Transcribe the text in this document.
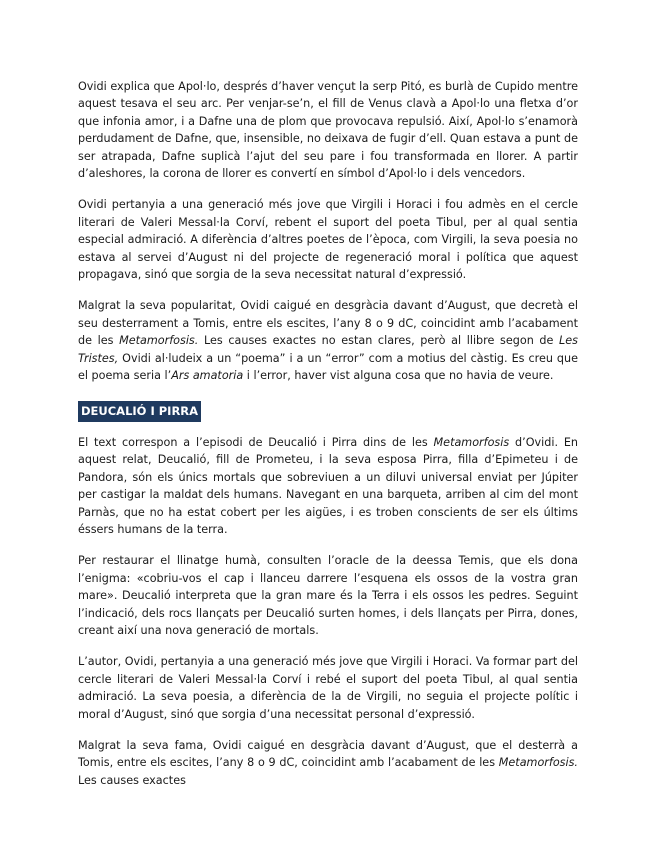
Ovidi explica que Apol·lo, després d’haver vençut la serp Pitó, es burlà de Cupido mentre aquest tesava el seu arc. Per venjar-se’n, el fill de Venus clavà a Apol·lo una fletxa d’or que infonia amor, i a Dafne una de plom que provocava repulsió. Així, Apol·lo s’enamorà perdudament de Dafne, que, insensible, no deixava de fugir d’ell. Quan estava a punt de ser atrapada, Dafne suplicà l’ajut del seu pare i fou transformada en llorer. A partir d’aleshores, la corona de llorer es convertí en símbol d’Apol·lo i dels vencedors.

Ovidi pertanyia a una generació més jove que Virgili i Horaci i fou admès en el cercle literari de Valeri Messal·la Corví, rebent el suport del poeta Tibul, per al qual sentia especial admiració. A diferència d’altres poetes de l’època, com Virgili, la seva poesia no estava al servei d’August ni del projecte de regeneració moral i política que aquest propagava, sinó que sorgia de la seva necessitat natural d’expressió.

Malgrat la seva popularitat, Ovidi caigué en desgràcia davant d’August, que decretà el seu desterrament a Tomis, entre els escites, l’any 8 o 9 dC, coincidint amb l’acabament de les Metamorfosis. Les causes exactes no estan clares, però al llibre segon de Les Tristes, Ovidi al·ludeix a un “poema” i a un “error” com a motius del càstig. Es creu que el poema seria l’Ars amatoria i l’error, haver vist alguna cosa que no havia de veure.

DEUCALIÓ I PIRRA

El text correspon a l’episodi de Deucalió i Pirra dins de les Metamorfosis d’Ovidi. En aquest relat, Deucalió, fill de Prometeu, i la seva esposa Pirra, filla d’Epimeteu i de Pandora, són els únics mortals que sobreviuen a un diluvi universal enviat per Júpiter per castigar la maldat dels humans. Navegant en una barqueta, arriben al cim del mont Parnàs, que no ha estat cobert per les aigües, i es troben conscients de ser els últims éssers humans de la terra.

Per restaurar el llinatge humà, consulten l’oracle de la deessa Temis, que els dona l’enigma: «cobriu-vos el cap i llanceu darrere l’esquena els ossos de la vostra gran mare». Deucalió interpreta que la gran mare és la Terra i els ossos les pedres. Seguint l’indicació, dels rocs llançats per Deucalió surten homes, i dels llançats per Pirra, dones, creant així una nova generació de mortals.

L’autor, Ovidi, pertanyia a una generació més jove que Virgili i Horaci. Va formar part del cercle literari de Valeri Messal·la Corví i rebé el suport del poeta Tibul, al qual sentia admiració. La seva poesia, a diferència de la de Virgili, no seguia el projecte polític i moral d’August, sinó que sorgia d’una necessitat personal d’expressió.

Malgrat la seva fama, Ovidi caigué en desgràcia davant d’August, que el desterrà a Tomis, entre els escites, l’any 8 o 9 dC, coincidint amb l’acabament de les Metamorfosis. Les causes exactes
